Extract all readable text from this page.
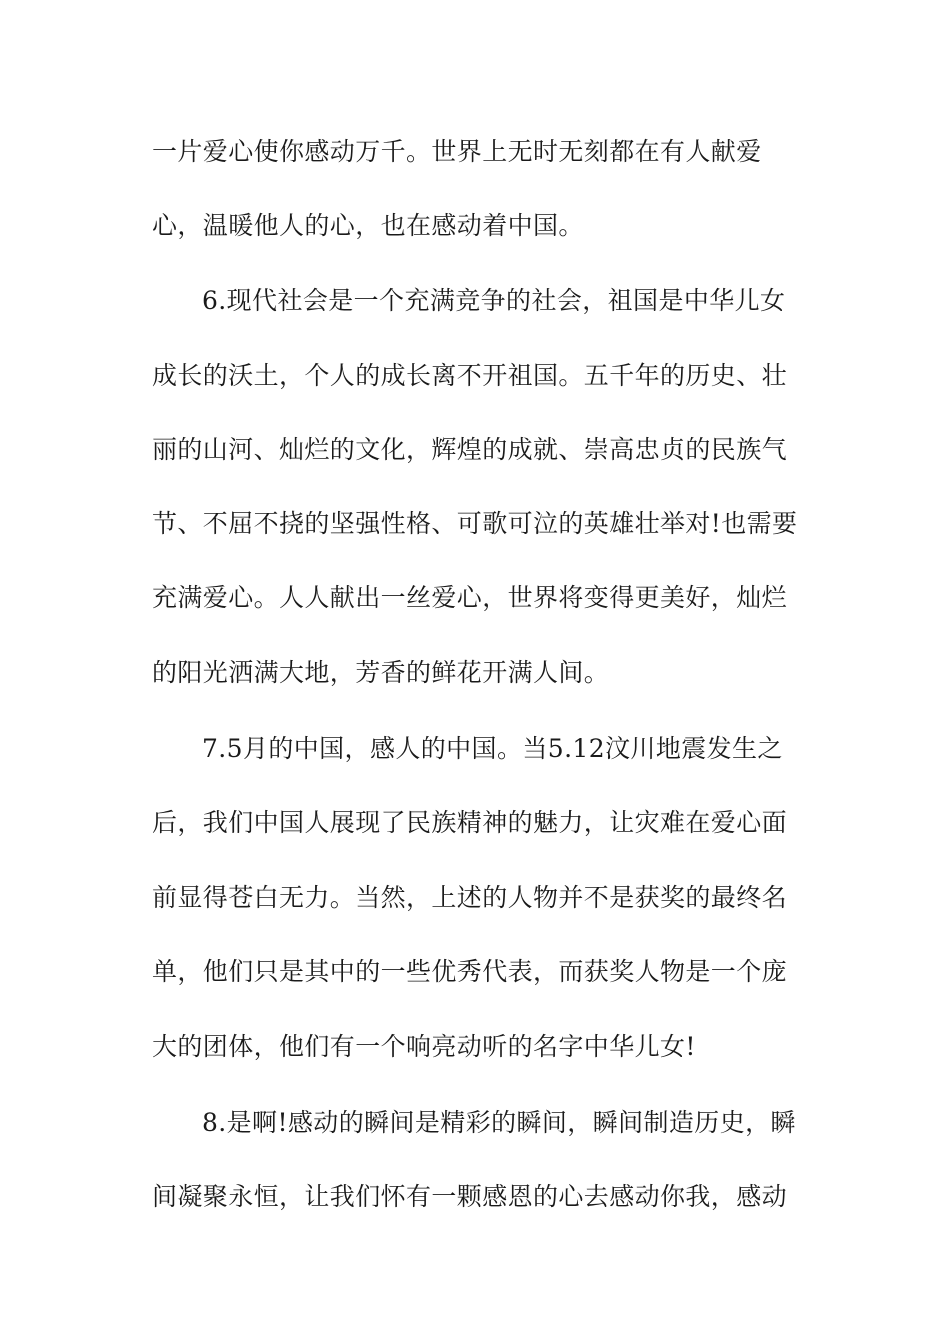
一片爱心使你感动万千。世界上无时无刻都在有人献爱
心，温暖他人的心，也在感动着中国。
6.现代社会是一个充满竞争的社会，祖国是中华儿女
成长的沃土，个人的成长离不开祖国。五千年的历史、壮
丽的山河、灿烂的文化，辉煌的成就、崇高忠贞的民族气
节、不屈不挠的坚强性格、可歌可泣的英雄壮举对!也需要
充满爱心。人人献出一丝爱心，世界将变得更美好，灿烂
的阳光洒满大地，芳香的鲜花开满人间。
7.5月的中国，感人的中国。当5.12汶川地震发生之
后，我们中国人展现了民族精神的魅力，让灾难在爱心面
前显得苍白无力。当然，上述的人物并不是获奖的最终名
单，他们只是其中的一些优秀代表，而获奖人物是一个庞
大的团体，他们有一个响亮动听的名字中华儿女!
8.是啊!感动的瞬间是精彩的瞬间，瞬间制造历史，瞬
间凝聚永恒，让我们怀有一颗感恩的心去感动你我，感动
